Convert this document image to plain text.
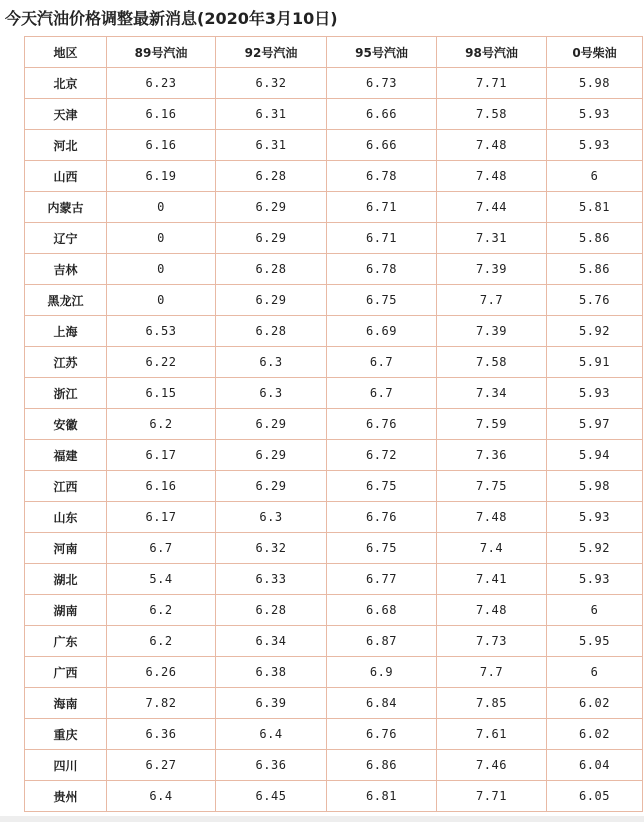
今天汽油价格调整最新消息(2020年3月10日)
地区	89号汽油	92号汽油	95号汽油	98号汽油	0号柴油
北京	6.23	6.32	6.73	7.71	5.98
天津	6.16	6.31	6.66	7.58	5.93
河北	6.16	6.31	6.66	7.48	5.93
山西	6.19	6.28	6.78	7.48	6
内蒙古	0	6.29	6.71	7.44	5.81
辽宁	0	6.29	6.71	7.31	5.86
吉林	0	6.28	6.78	7.39	5.86
黑龙江	0	6.29	6.75	7.7	5.76
上海	6.53	6.28	6.69	7.39	5.92
江苏	6.22	6.3	6.7	7.58	5.91
浙江	6.15	6.3	6.7	7.34	5.93
安徽	6.2	6.29	6.76	7.59	5.97
福建	6.17	6.29	6.72	7.36	5.94
江西	6.16	6.29	6.75	7.75	5.98
山东	6.17	6.3	6.76	7.48	5.93
河南	6.7	6.32	6.75	7.4	5.92
湖北	5.4	6.33	6.77	7.41	5.93
湖南	6.2	6.28	6.68	7.48	6
广东	6.2	6.34	6.87	7.73	5.95
广西	6.26	6.38	6.9	7.7	6
海南	7.82	6.39	6.84	7.85	6.02
重庆	6.36	6.4	6.76	7.61	6.02
四川	6.27	6.36	6.86	7.46	6.04
贵州	6.4	6.45	6.81	7.71	6.05
